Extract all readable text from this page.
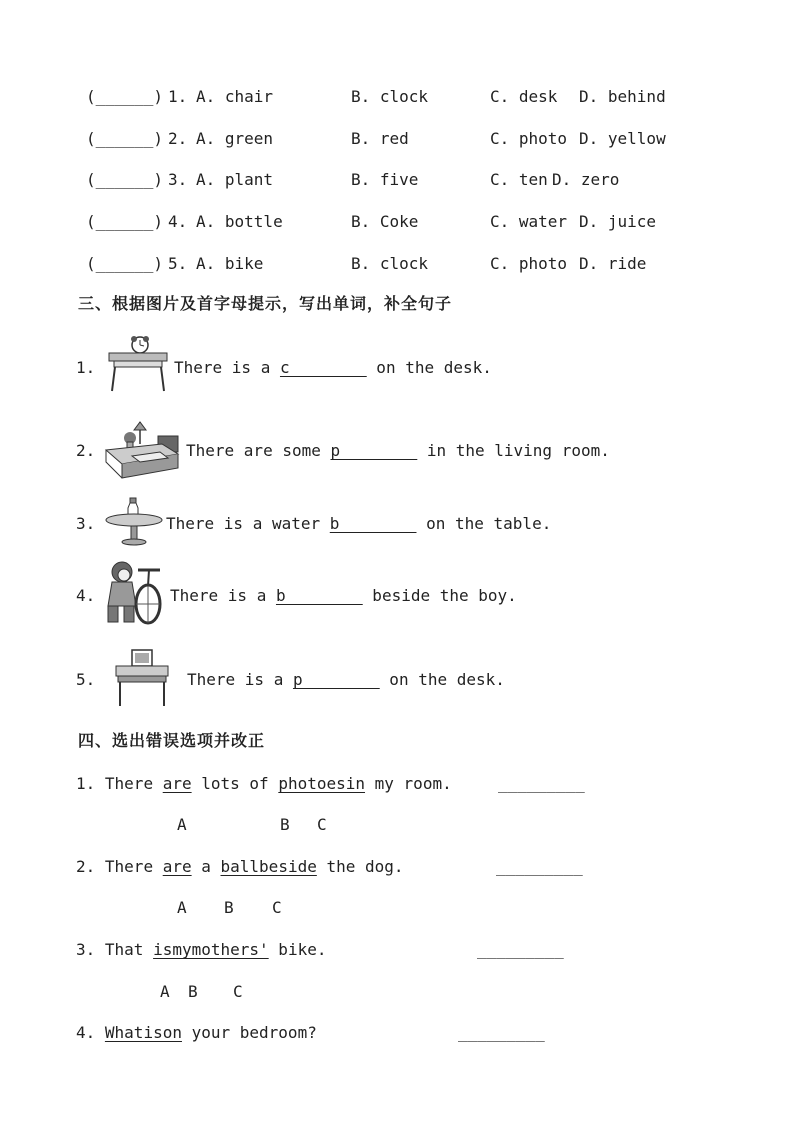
(______) 1. A. chair	B. clock	C. desk D. behind
(______) 2. A. green	B. red	C. photo D. yellow
(______) 3. A. plant	B. five	C. ten D. zero
(______) 4. A. bottle	B. Coke	C. water D. juice
(______) 5. A. bike	B. clock	C. photo D. ride
三、根据图片及首字母提示，写出单词，补全句子
1.	There is a c________ on the desk.
2.	There are some p________ in the living room.
3.	There is a water b________ on the table.
4.	There is a b________ beside the boy.
5.	There is a p________ on the desk.
四、选出错误选项并改正
1. There are lots of photoesin my room.	_________
A	B C
2. There are a ballbeside the dog.	_________
A B C
3. That ismymothers' bike.	_________
A B C
4. Whatison your bedroom?	_________
